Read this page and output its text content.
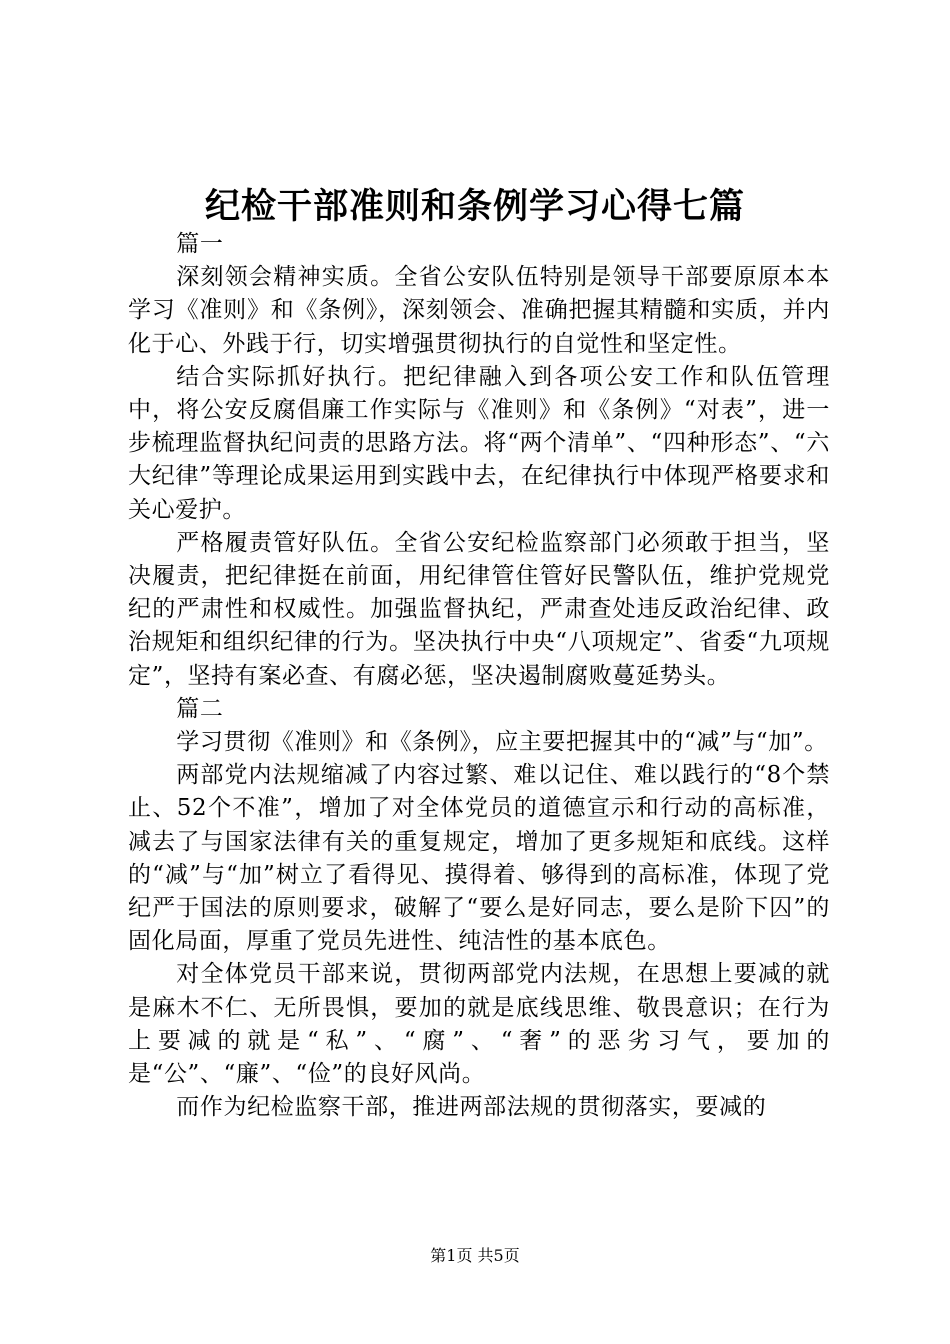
纪检干部准则和条例学习心得七篇

篇一

深刻领会精神实质。全省公安队伍特别是领导干部要原原本本学习《准则》和《条例》，深刻领会、准确把握其精髓和实质，并内化于心、外践于行，切实增强贯彻执行的自觉性和坚定性。

结合实际抓好执行。把纪律融入到各项公安工作和队伍管理中，将公安反腐倡廉工作实际与《准则》和《条例》“对表”，进一步梳理监督执纪问责的思路方法。将“两个清单”、“四种形态”、“六大纪律”等理论成果运用到实践中去，在纪律执行中体现严格要求和关心爱护。

严格履责管好队伍。全省公安纪检监察部门必须敢于担当，坚决履责，把纪律挺在前面，用纪律管住管好民警队伍，维护党规党纪的严肃性和权威性。加强监督执纪，严肃查处违反政治纪律、政治规矩和组织纪律的行为。坚决执行中央“八项规定”、省委“九项规定”，坚持有案必查、有腐必惩，坚决遏制腐败蔓延势头。

篇二

学习贯彻《准则》和《条例》，应主要把握其中的“减”与“加”。

两部党内法规缩减了内容过繁、难以记住、难以践行的“8个禁止、52个不准”，增加了对全体党员的道德宣示和行动的高标准，减去了与国家法律有关的重复规定，增加了更多规矩和底线。这样的“减”与“加”树立了看得见、摸得着、够得到的高标准，体现了党纪严于国法的原则要求，破解了“要么是好同志，要么是阶下囚”的固化局面，厚重了党员先进性、纯洁性的基本底色。

对全体党员干部来说，贯彻两部党内法规，在思想上要减的就是麻木不仁、无所畏惧，要加的就是底线思维、敬畏意识；在行为上要减的就是“私”、“腐”、“奢”的恶劣习气，要加的是“公”、“廉”、“俭”的良好风尚。

而作为纪检监察干部，推进两部法规的贯彻落实，要减的

第1页 共5页
